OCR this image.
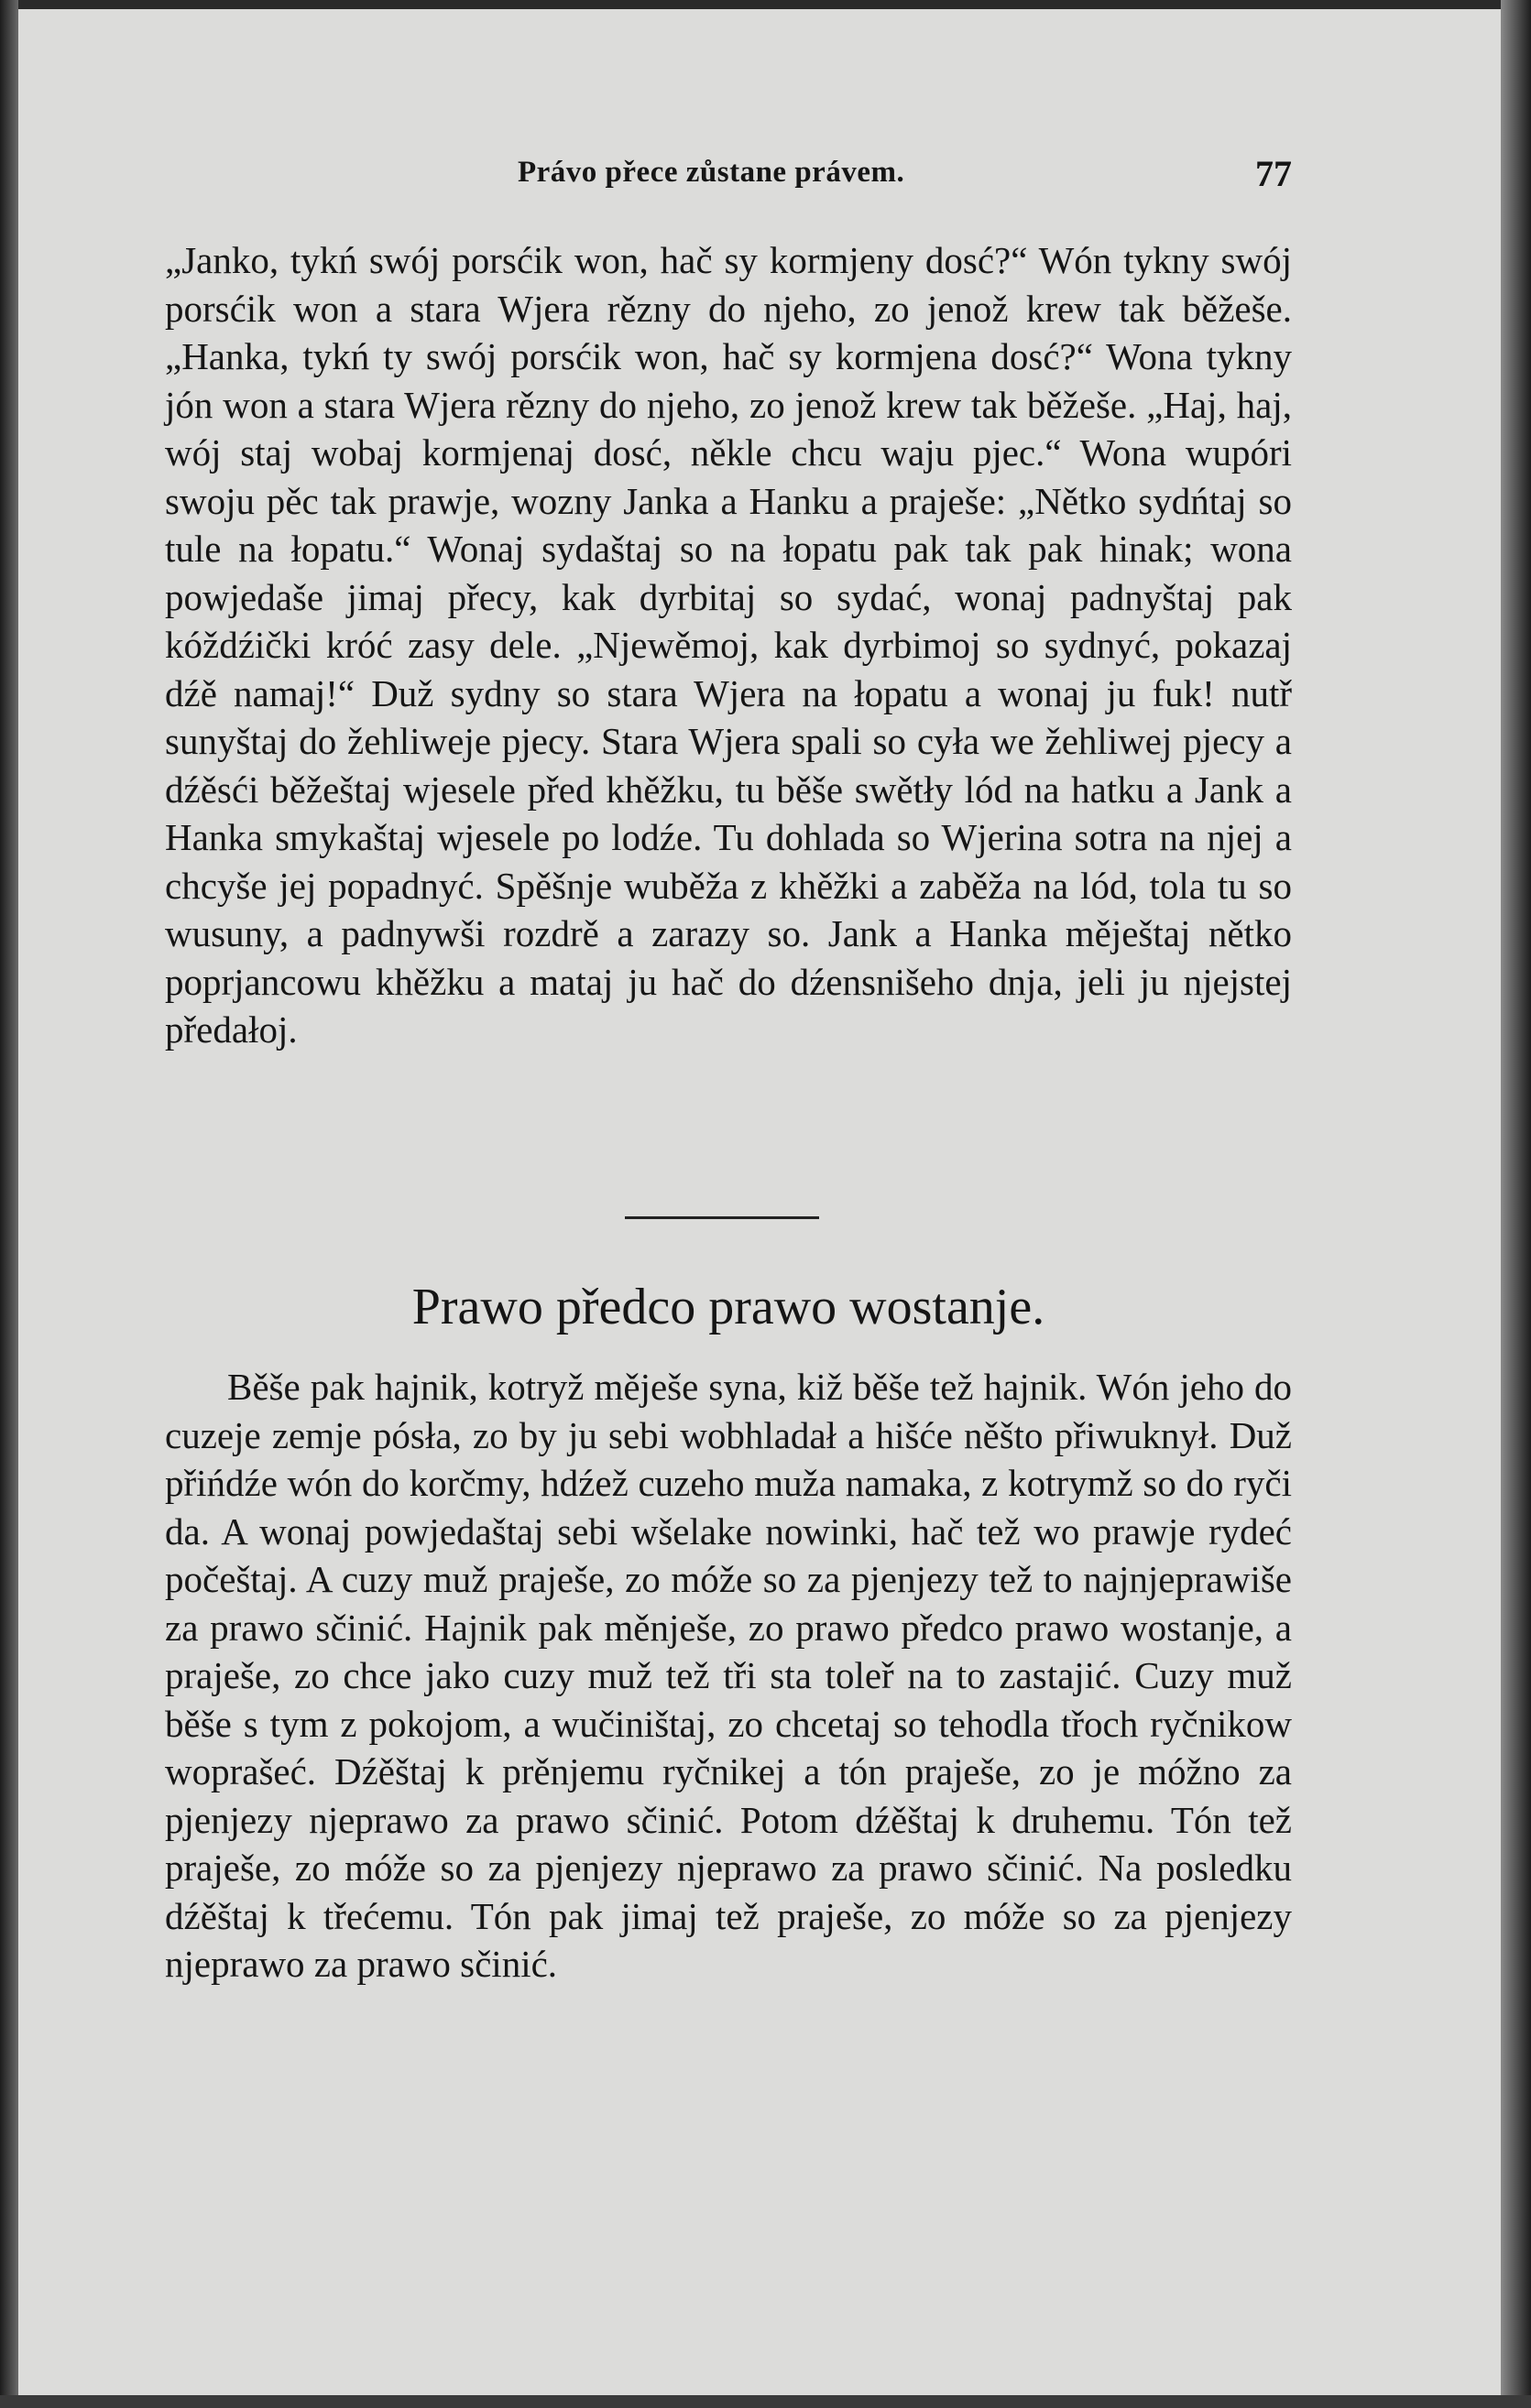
Právo přece zůstane právem.	77

„Janko, tykń swój porsćik won, hač sy kormjeny dosć?“ Wón tykny swój porsćik won a stara Wjera rězny do njeho, zo jenož krew tak běžeše. „Hanka, tykń ty swój porsćik won, hač sy kormjena dosć?“ Wona tykny jón won a stara Wjera rězny do njeho, zo jenož krew tak běžeše. „Haj, haj, wój staj wobaj kormjenaj dosć, někle chcu waju pjec.“ Wona wupóri swoju pěc tak prawje, wozny Janka a Hanku a praješe: „Nětko sydńtaj so tule na łopatu.“ Wonaj sydaštaj so na łopatu pak tak pak hinak; wona powjedaše jimaj přecy, kak dyrbitaj so sydać, wonaj padnyštaj pak kóždźički króć zasy dele. „Njewěmoj, kak dyrbimoj so sydnyć, pokazaj dźě namaj!“ Duž sydny so stara Wjera na łopatu a wonaj ju fuk! nutř sunyštaj do žehliweje pjecy. Stara Wjera spali so cyła we žehliwej pjecy a dźěsći běžeštaj wjesele před khěžku, tu běše swětły lód na hatku a Jank a Hanka smykaštaj wjesele po lodźe. Tu dohlada so Wjerina sotra na njej a chcyše jej popadnyć. Spěšnje wuběža z khěžki a zaběža na lód, tola tu so wusuny, a padnywši rozdrě a zarazy so. Jank a Hanka měještaj nětko poprjancowu khěžku a mataj ju hač do dźensnišeho dnja, jeli ju njejstej předałoj.

Prawo předco prawo wostanje.

Běše pak hajnik, kotryž měješe syna, kiž běše tež hajnik. Wón jeho do cuzeje zemje pósła, zo by ju sebi wobhladał a hišće něšto přiwuknył. Duž přińdźe wón do korčmy, hdźež cuzeho muža namaka, z kotrymž so do ryči da. A wonaj powjedaštaj sebi wšelake nowinki, hač tež wo prawje rydeć počeštaj. A cuzy muž praješe, zo móže so za pjenjezy tež to najnjeprawiše za prawo sčinić. Hajnik pak měnješe, zo prawo předco prawo wostanje, a praješe, zo chce jako cuzy muž tež tři sta toleř na to zastajić. Cuzy muž běše s tym z pokojom, a wučiništaj, zo chcetaj so tehodla třoch ryčnikow woprašeć. Dźěštaj k prěnjemu ryčnikej a tón praješe, zo je móžno za pjenjezy njeprawo za prawo sčinić. Potom dźěštaj k druhemu. Tón tež praješe, zo móže so za pjenjezy njeprawo za prawo sčinić. Na posledku dźěštaj k třećemu. Tón pak jimaj tež praješe, zo móže so za pjenjezy njeprawo za prawo sčinić.
